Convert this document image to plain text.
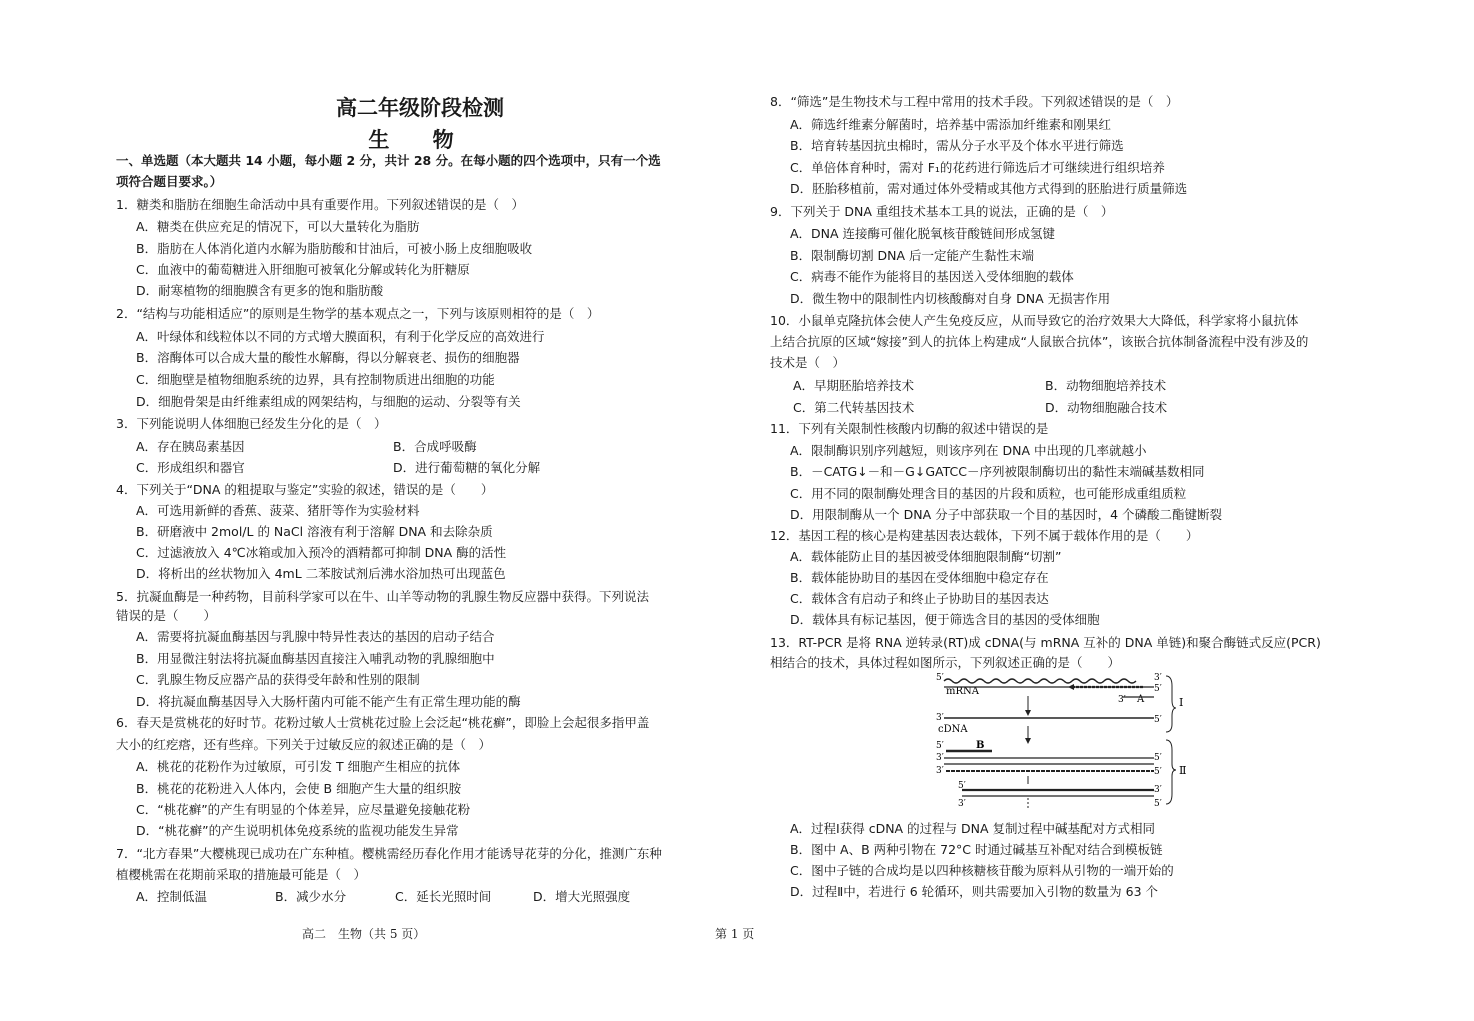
高二年级阶段检测
生 物
一、单选题（本大题共 14 小题，每小题 2 分，共计 28 分。在每小题的四个选项中，只有一个选
项符合题目要求。）
1．糖类和脂肪在细胞生命活动中具有重要作用。下列叙述错误的是（　）
A．糖类在供应充足的情况下，可以大量转化为脂肪
B．脂肪在人体消化道内水解为脂肪酸和甘油后，可被小肠上皮细胞吸收
C．血液中的葡萄糖进入肝细胞可被氧化分解或转化为肝糖原
D．耐寒植物的细胞膜含有更多的饱和脂肪酸
2．“结构与功能相适应”的原则是生物学的基本观点之一，下列与该原则相符的是（　）
A．叶绿体和线粒体以不同的方式增大膜面积，有利于化学反应的高效进行
B．溶酶体可以合成大量的酸性水解酶，得以分解衰老、损伤的细胞器
C．细胞壁是植物细胞系统的边界，具有控制物质进出细胞的功能
D．细胞骨架是由纤维素组成的网架结构，与细胞的运动、分裂等有关
3．下列能说明人体细胞已经发生分化的是（　）
A．存在胰岛素基因	B．合成呼吸酶
C．形成组织和器官	D．进行葡萄糖的氧化分解
4．下列关于“DNA 的粗提取与鉴定”实验的叙述，错误的是（　　）
A．可选用新鲜的香蕉、菠菜、猪肝等作为实验材料
B．研磨液中 2mol/L 的 NaCl 溶液有利于溶解 DNA 和去除杂质
C．过滤液放入 4℃冰箱或加入预冷的酒精都可抑制 DNA 酶的活性
D．将析出的丝状物加入 4mL 二苯胺试剂后沸水浴加热可出现蓝色
5．抗凝血酶是一种药物，目前科学家可以在牛、山羊等动物的乳腺生物反应器中获得。下列说法
错误的是（　　）
A．需要将抗凝血酶基因与乳腺中特异性表达的基因的启动子结合
B．用显微注射法将抗凝血酶基因直接注入哺乳动物的乳腺细胞中
C．乳腺生物反应器产品的获得受年龄和性别的限制
D．将抗凝血酶基因导入大肠杆菌内可能不能产生有正常生理功能的酶
6．春天是赏桃花的好时节。花粉过敏人士赏桃花过脸上会泛起“桃花癣”，即脸上会起很多指甲盖
大小的红疙瘩，还有些痒。下列关于过敏反应的叙述正确的是（　）
A．桃花的花粉作为过敏原，可引发 T 细胞产生相应的抗体
B．桃花的花粉进入人体内，会使 B 细胞产生大量的组织胺
C．“桃花癣”的产生有明显的个体差异，应尽量避免接触花粉
D．“桃花癣”的产生说明机体免疫系统的监视功能发生异常
7．“北方春果”大樱桃现已成功在广东种植。樱桃需经历春化作用才能诱导花芽的分化，推测广东种
植樱桃需在花期前采取的措施最可能是（　）
A．控制低温	B．减少水分	C．延长光照时间	D．增大光照强度
8．“筛选”是生物技术与工程中常用的技术手段。下列叙述错误的是（　）
A．筛选纤维素分解菌时，培养基中需添加纤维素和刚果红
B．培育转基因抗虫棉时，需从分子水平及个体水平进行筛选
C．单倍体育种时，需对 F₁的花药进行筛选后才可继续进行组织培养
D．胚胎移植前，需对通过体外受精或其他方式得到的胚胎进行质量筛选
9．下列关于 DNA 重组技术基本工具的说法，正确的是（　）
A．DNA 连接酶可催化脱氧核苷酸链间形成氢键
B．限制酶切割 DNA 后一定能产生黏性末端
C．病毒不能作为能将目的基因送入受体细胞的载体
D．微生物中的限制性内切核酸酶对自身 DNA 无损害作用
10．小鼠单克隆抗体会使人产生免疫反应，从而导致它的治疗效果大大降低，科学家将小鼠抗体
上结合抗原的区域“嫁接”到人的抗体上构建成“人鼠嵌合抗体”，该嵌合抗体制备流程中没有涉及的
技术是（　）
A．早期胚胎培养技术	B．动物细胞培养技术
C．第二代转基因技术	D．动物细胞融合技术
11．下列有关限制性核酸内切酶的叙述中错误的是
A．限制酶识别序列越短，则该序列在 DNA 中出现的几率就越小
B．－CATG↓－和－G↓GATCC－序列被限制酶切出的黏性末端碱基数相同
C．用不同的限制酶处理含目的基因的片段和质粒，也可能形成重组质粒
D．用限制酶从一个 DNA 分子中部获取一个目的基因时，4 个磷酸二酯键断裂
12．基因工程的核心是构建基因表达载体，下列不属于载体作用的是（　　）
A．载体能防止目的基因被受体细胞限制酶“切割”
B．载体能协助目的基因在受体细胞中稳定存在
C．载体含有启动子和终止子协助目的基因表达
D．载体具有标记基因，便于筛选含目的基因的受体细胞
13．RT-PCR 是将 RNA 逆转录(RT)成 cDNA(与 mRNA 互补的 DNA 单链)和聚合酶链式反应(PCR)
相结合的技术，具体过程如图所示，下列叙述正确的是（　　）
5′	3′
mRNA	5′
A
3′
3′	5′
cDNA
5′	B
3′	5′
3′	5′
5′	3′
3′	5′
Ⅰ
Ⅱ
A．过程Ⅰ获得 cDNA 的过程与 DNA 复制过程中碱基配对方式相同
B．图中 A、B 两种引物在 72°C 时通过碱基互补配对结合到模板链
C．图中子链的合成均是以四种核糖核苷酸为原料从引物的一端开始的
D．过程Ⅱ中，若进行 6 轮循环，则共需要加入引物的数量为 63 个
高二　生物（共 5 页）	第 1 页
